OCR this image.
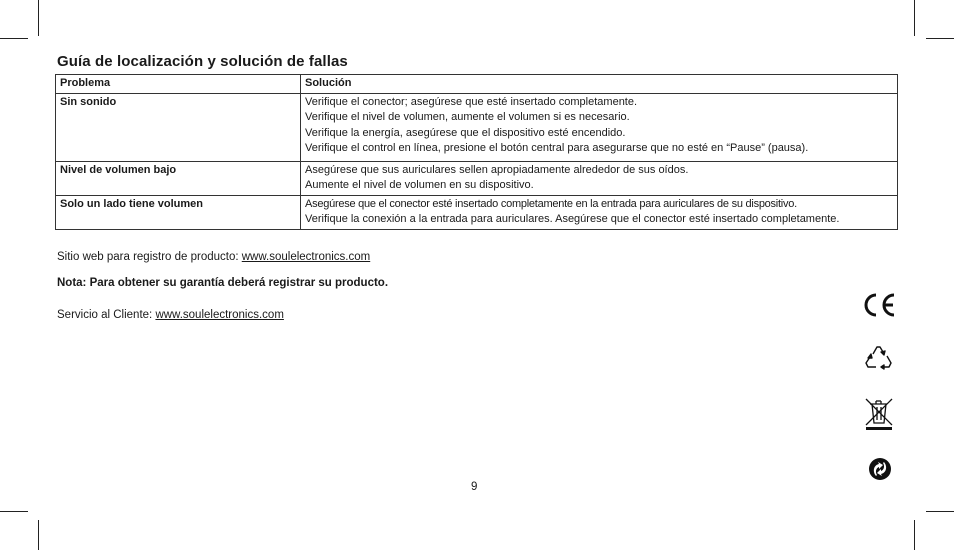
Guía de localización y solución de fallas
Problema	Solución
Sin sonido	Verifique el conector; asegúrese que esté insertado completamente.
Verifique el nivel de volumen, aumente el volumen si es necesario.
Verifique la energía, asegúrese que el dispositivo esté encendido.
Verifique el control en línea, presione el botón central para asegurarse que no esté en “Pause” (pausa).

Nivel de volumen bajo	Asegúrese que sus auriculares sellen apropiadamente alrededor de sus oídos.
Aumente el nivel de volumen en su dispositivo.

Solo un lado tiene volumen	Asegúrese que el conector esté insertado completamente en la entrada para auriculares de su dispositivo.
Verifique la conexión a la entrada para auriculares. Asegúrese que el conector esté insertado completamente.
Sitio web para registro de producto: www.soulelectronics.com
Nota: Para obtener su garantía deberá registrar su producto.
Servicio al Cliente: www.soulelectronics.com
9
